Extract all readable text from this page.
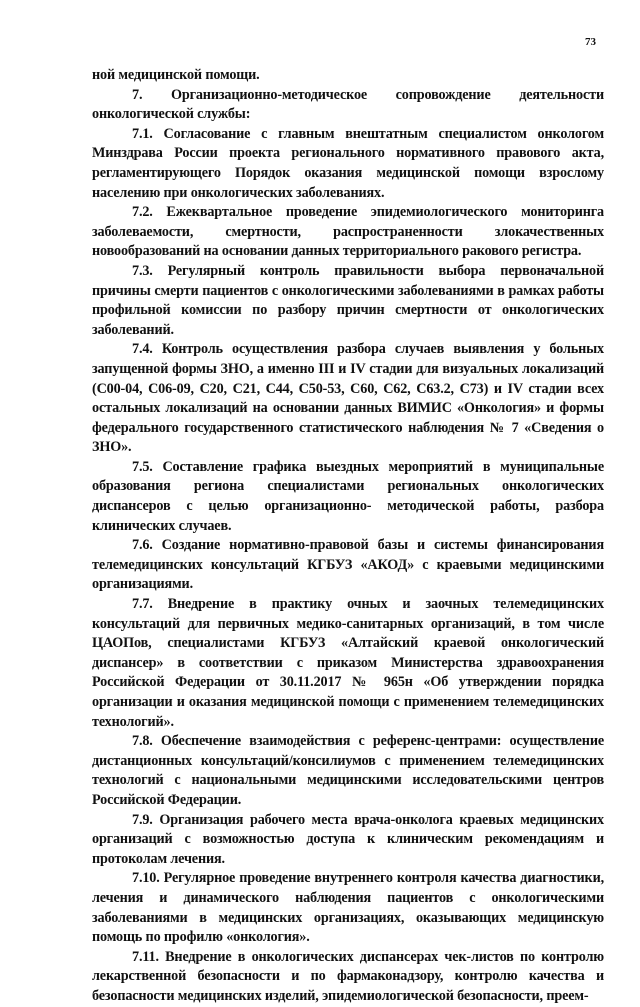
73

ной медицинской помощи.

7. Организационно-методическое сопровождение деятельности онкологической службы:

7.1. Согласование с главным внештатным специалистом онкологом Минздрава России проекта регионального нормативного правового акта, регламентирующего Порядок оказания медицинской помощи взрослому населению при онкологических заболеваниях.

7.2. Ежеквартальное проведение эпидемиологического мониторинга заболеваемости, смертности, распространенности злокачественных новообразований на основании данных территориального ракового регистра.

7.3. Регулярный контроль правильности выбора первоначальной причины смерти пациентов с онкологическими заболеваниями в рамках работы профильной комиссии по разбору причин смертности от онкологических заболеваний.

7.4. Контроль осуществления разбора случаев выявления у больных запущенной формы ЗНО, а именно III и IV стадии для визуальных локализаций (С00-04, С06-09, С20, С21, С44, С50-53, С60, С62, С63.2, С73) и IV стадии всех остальных локализаций на основании данных ВИМИС «Онкология» и формы федерального государственного статистического наблюдения № 7 «Сведения о ЗНО».

7.5. Составление графика выездных мероприятий в муниципальные образования региона специалистами региональных онкологических диспансеров с целью организационно- методической работы, разбора клинических случаев.

7.6. Создание нормативно-правовой базы и системы финансирования телемедицинских консультаций КГБУЗ «АКОД» с краевыми медицинскими организациями.

7.7. Внедрение в практику очных и заочных телемедицинских консультаций для первичных медико-санитарных организаций, в том числе ЦАОПов, специалистами КГБУЗ «Алтайский краевой онкологический диспансер» в соответствии с приказом Министерства здравоохранения Российской Федерации от 30.11.2017 № 965н «Об утверждении порядка организации и оказания медицинской помощи с применением телемедицинских технологий».

7.8. Обеспечение взаимодействия с референс-центрами: осуществление дистанционных консультаций/консилиумов с применением телемедицинских технологий с национальными медицинскими исследовательскими центров Российской Федерации.

7.9. Организация рабочего места врача-онколога краевых медицинских организаций с возможностью доступа к клиническим рекомендациям и протоколам лечения.

7.10. Регулярное проведение внутреннего контроля качества диагностики, лечения и динамического наблюдения пациентов с онкологическими заболеваниями в медицинских организациях, оказывающих медицинскую помощь по профилю «онкология».

7.11. Внедрение в онкологических диспансерах чек-листов по контролю лекарственной безопасности и по фармаконадзору, контролю качества и безопасности медицинских изделий, эпидемиологической безопасности, преем-
